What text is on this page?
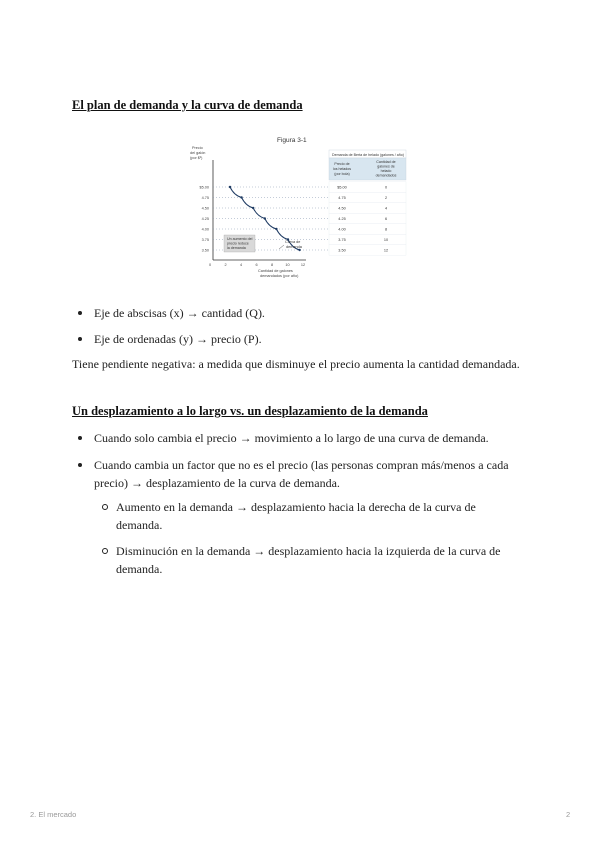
El plan de demanda y la curva de demanda
Figura 3-1
Precio
del galón
(por $²)
$5.00
4.75
4.50
4.25
4.00
3.75
3.50
0	2	4	6	8	10	12
Un aumento del
precio reduce
la demanda
Curva de
demanda
Cantidad de galones
demandados (por año)
Demanda de Berta de helado (galones / año)
Precio de
los helados
(por bola)
Cantidad de
galones de
helado
demandados
$5.00	0
4.75	2
4.50	4
4.25	6
4.00	8
3.75	10
3.50	12
Eje de abscisas (x) → cantidad (Q).
Eje de ordenadas (y) → precio (P).
Tiene pendiente negativa: a medida que disminuye el precio aumenta la cantidad demandada.
Un desplazamiento a lo largo vs. un desplazamiento de la demanda
Cuando solo cambia el precio → movimiento a lo largo de una curva de demanda.
Cuando cambia un factor que no es el precio (las personas compran más/menos a cada
precio) → desplazamiento de la curva de demanda.
Aumento en la demanda → desplazamiento hacia la derecha de la curva de
demanda.
Disminución en la demanda → desplazamiento hacia la izquierda de la curva de
demanda.
2. El mercado	2
